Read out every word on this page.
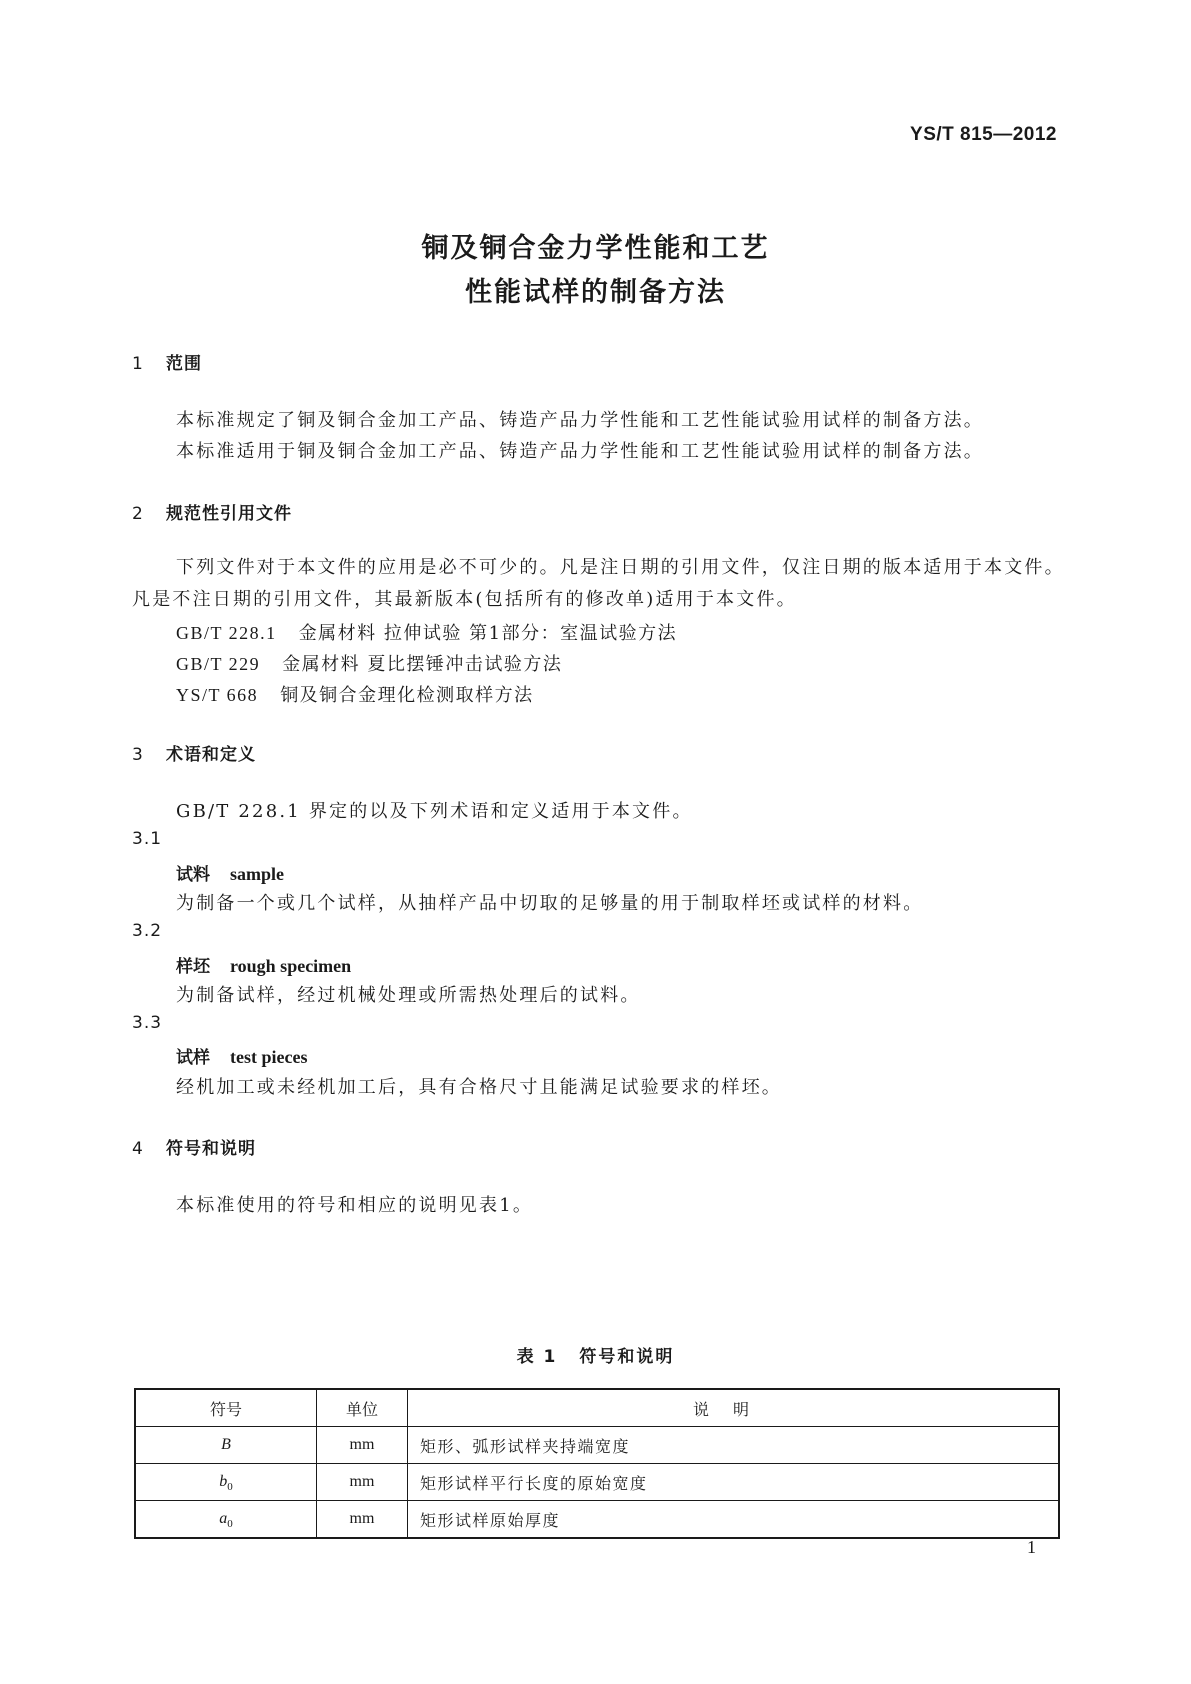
YS/T 815—2012
铜及铜合金力学性能和工艺
性能试样的制备方法
1 范围
本标准规定了铜及铜合金加工产品、铸造产品力学性能和工艺性能试验用试样的制备方法。
本标准适用于铜及铜合金加工产品、铸造产品力学性能和工艺性能试验用试样的制备方法。
2 规范性引用文件
下列文件对于本文件的应用是必不可少的。凡是注日期的引用文件，仅注日期的版本适用于本文件。凡是不注日期的引用文件，其最新版本(包括所有的修改单)适用于本文件。
GB/T 228.1 金属材料 拉伸试验 第1部分：室温试验方法
GB/T 229 金属材料 夏比摆锤冲击试验方法
YS/T 668 铜及铜合金理化检测取样方法
3 术语和定义
GB/T 228.1 界定的以及下列术语和定义适用于本文件。
3.1
试料 sample
为制备一个或几个试样，从抽样产品中切取的足够量的用于制取样坯或试样的材料。
3.2
样坯 rough specimen
为制备试样，经过机械处理或所需热处理后的试料。
3.3
试样 test pieces
经机加工或未经机加工后，具有合格尺寸且能满足试验要求的样坯。
4 符号和说明
本标准使用的符号和相应的说明见表1。
表 1 符号和说明
符号	单位	说明
B	mm	矩形、弧形试样夹持端宽度
$b_0$	mm	矩形试样平行长度的原始宽度
$a_0$	mm	矩形试样原始厚度
1
